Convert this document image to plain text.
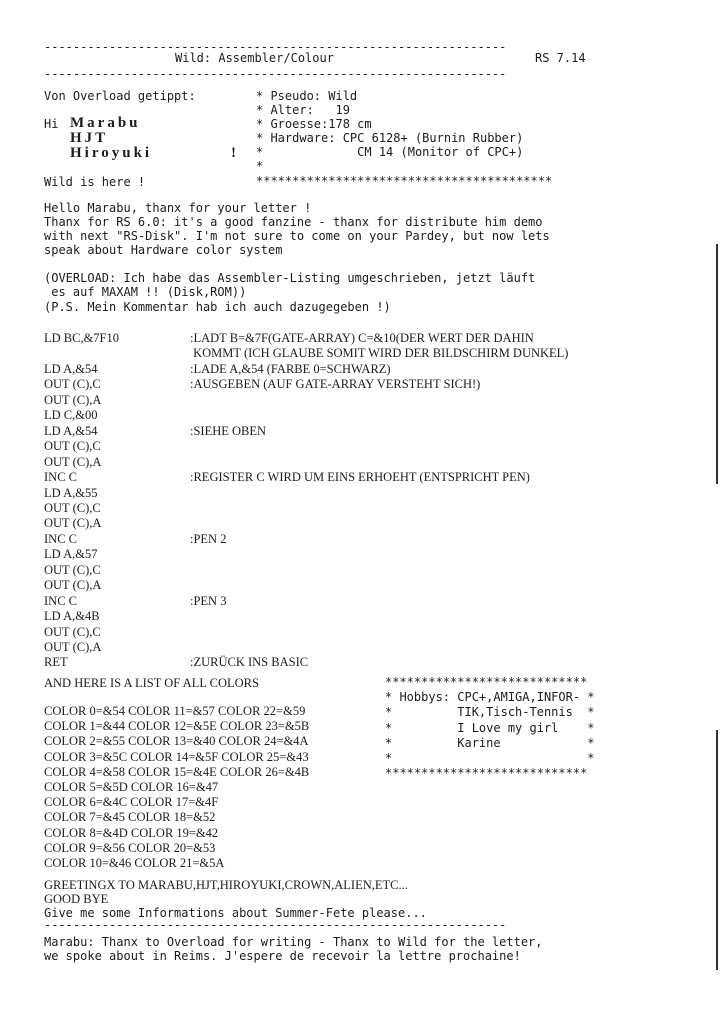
----------------------------------------------------------------
Wild: Assembler/Colour	RS 7.14
----------------------------------------------------------------
Von Overload getippt:
Hi Marabu
HJT
Hiroyuki	!
Wild is here !
* Pseudo: Wild
* Alter:   19
* Groesse:178 cm
* Hardware: CPC 6128+ (Burnin Rubber)
*             CM 14 (Monitor of CPC+)
*
*****************************************
Hello Marabu, thanx for your letter !
Thanx for RS 6.0: it's a good fanzine - thanx for distribute him demo
with next "RS-Disk". I'm not sure to come on your Pardey, but now lets
speak about Hardware color system
(OVERLOAD: Ich habe das Assembler-Listing umgeschrieben, jetzt läuft
es auf MAXAM !! (Disk,ROM))
(P.S. Mein Kommentar hab ich auch dazugegeben !)
LD BC,&7F10	:LADT B=&7F(GATE-ARRAY) C=&10(DER WERT DER DAHIN
KOMMT (ICH GLAUBE SOMIT WIRD DER BILDSCHIRM DUNKEL)
LD A,&54	:LADE A,&54 (FARBE 0=SCHWARZ)
OUT (C),C	:AUSGEBEN (AUF GATE-ARRAY VERSTEHT SICH!)
OUT (C),A
LD C,&00
LD A,&54	:SIEHE OBEN
OUT (C),C
OUT (C),A
INC C	:REGISTER C WIRD UM EINS ERHOEHT (ENTSPRICHT PEN)
LD A,&55
OUT (C),C
OUT (C),A
INC C	:PEN 2
LD A,&57
OUT (C),C
OUT (C),A
INC C	:PEN 3
LD A,&4B
OUT (C),C
OUT (C),A
RET	:ZURÜCK INS BASIC
AND HERE IS A LIST OF ALL COLORS
COLOR 0=&54 COLOR 11=&57 COLOR 22=&59
COLOR 1=&44 COLOR 12=&5E COLOR 23=&5B
COLOR 2=&55 COLOR 13=&40 COLOR 24=&4A
COLOR 3=&5C COLOR 14=&5F COLOR 25=&43
COLOR 4=&58 COLOR 15=&4E COLOR 26=&4B
COLOR 5=&5D COLOR 16=&47
COLOR 6=&4C COLOR 17=&4F
COLOR 7=&45 COLOR 18=&52
COLOR 8=&4D COLOR 19=&42
COLOR 9=&56 COLOR 20=&53
COLOR 10=&46 COLOR 21=&5A
****************************
* Hobbys: CPC+,AMIGA,INFOR- *
*         TIK,Tisch-Tennis  *
*         I Love my girl    *
*         Karine            *
*                           *
****************************
GREETINGX TO MARABU,HJT,HIROYUKI,CROWN,ALIEN,ETC...
GOOD BYE
Give me some Informations about Summer-Fete please...
----------------------------------------------------------------
Marabu: Thanx to Overload for writing - Thanx to Wild for the letter,
we spoke about in Reims. J'espere de recevoir la lettre prochaine!
